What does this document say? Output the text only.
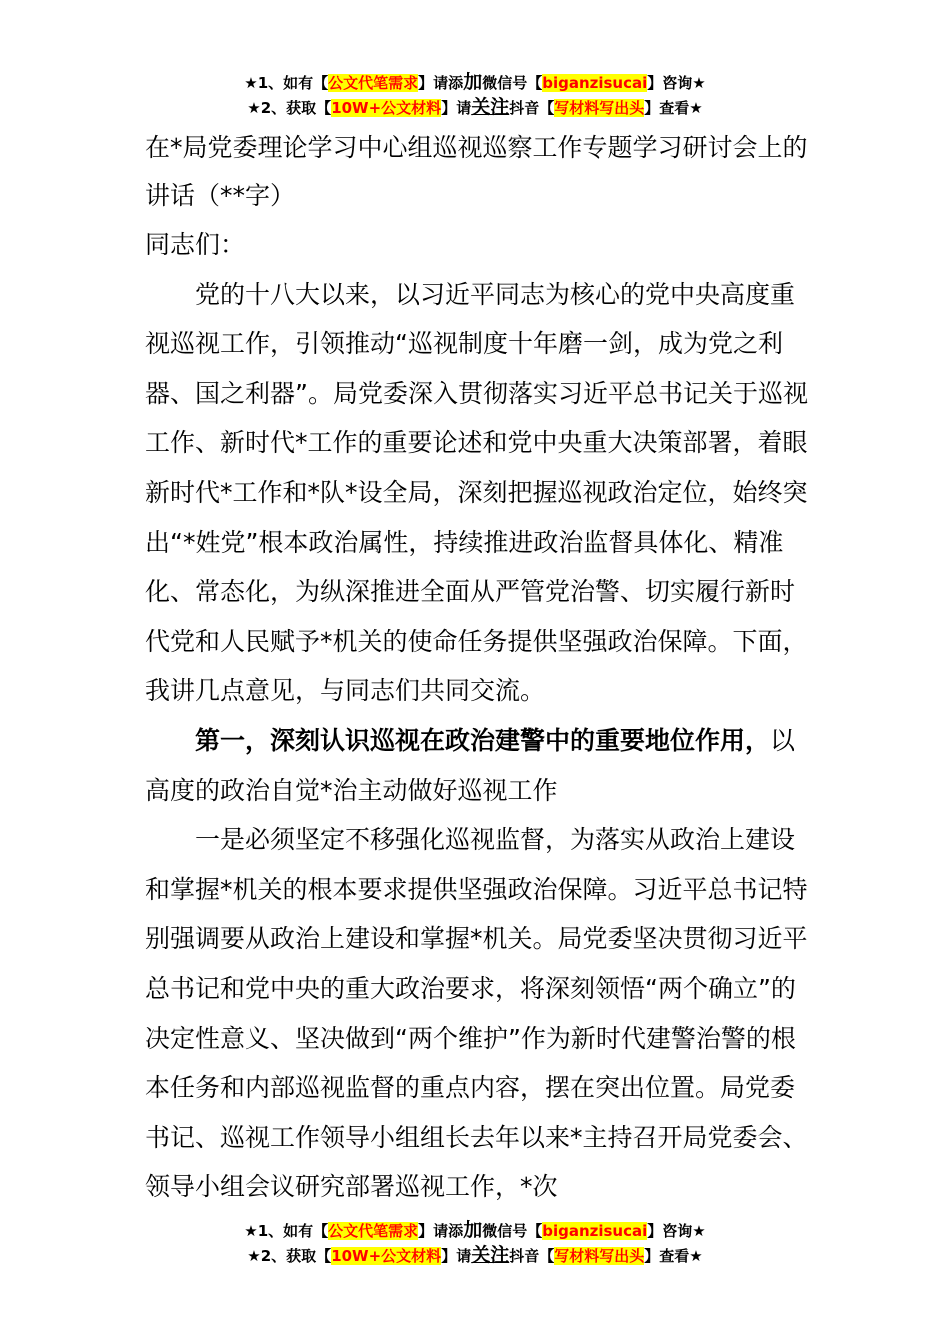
★1、如有【公文代笔需求】请添加微信号【biganzisucai】咨询★
★2、获取【10W+公文材料】请关注抖音【写材料写出头】查看★

在*局党委理论学习中心组巡视巡察工作专题学习研讨会上的讲话（**字）

同志们：

党的十八大以来，以习近平同志为核心的党中央高度重视巡视工作，引领推动“巡视制度十年磨一剑，成为党之利器、国之利器”。局党委深入贯彻落实习近平总书记关于巡视工作、新时代*工作的重要论述和党中央重大决策部署，着眼新时代*工作和*队*设全局，深刻把握巡视政治定位，始终突出“*姓党”根本政治属性，持续推进政治监督具体化、精准化、常态化，为纵深推进全面从严管党治警、切实履行新时代党和人民赋予*机关的使命任务提供坚强政治保障。下面，我讲几点意见，与同志们共同交流。

第一，深刻认识巡视在政治建警中的重要地位作用，以高度的政治自觉*治主动做好巡视工作

一是必须坚定不移强化巡视监督，为落实从政治上建设和掌握*机关的根本要求提供坚强政治保障。习近平总书记特别强调要从政治上建设和掌握*机关。局党委坚决贯彻习近平总书记和党中央的重大政治要求，将深刻领悟“两个确立”的决定性意义、坚决做到“两个维护”作为新时代建警治警的根本任务和内部巡视监督的重点内容，摆在突出位置。局党委书记、巡视工作领导小组组长去年以来*主持召开局党委会、领导小组会议研究部署巡视工作，*次

★1、如有【公文代笔需求】请添加微信号【biganzisucai】咨询★
★2、获取【10W+公文材料】请关注抖音【写材料写出头】查看★
